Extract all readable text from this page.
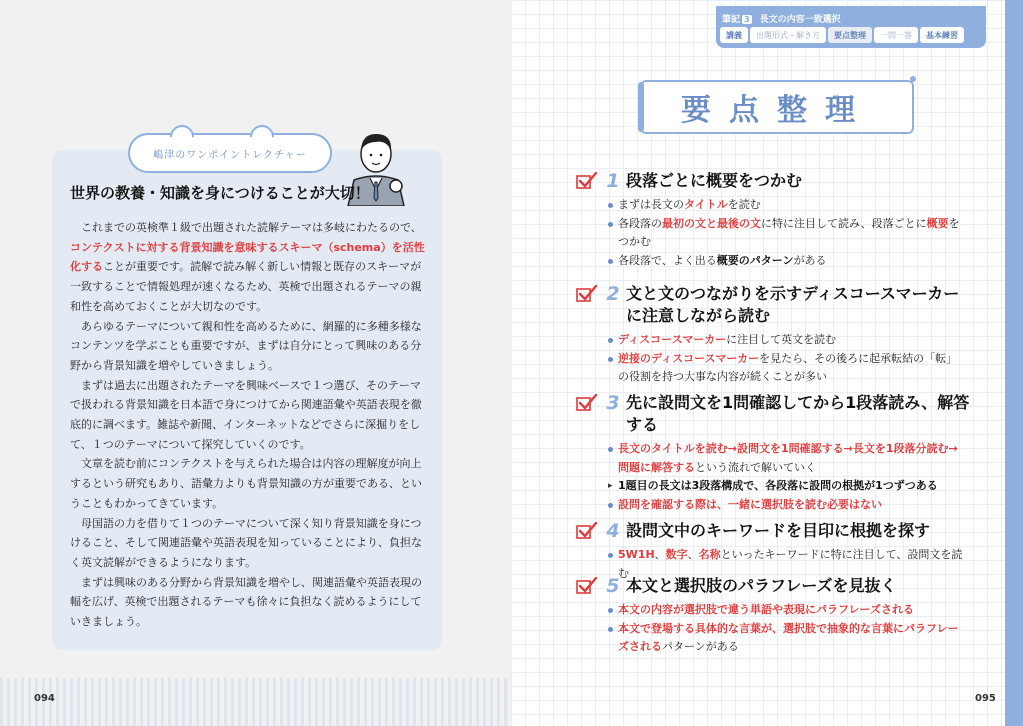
嶋津のワンポイントレクチャー
世界の教養・知識を身につけることが大切！

これまでの英検準１級で出題された読解テーマは多岐にわたるので、コンテクストに対する背景知識を意味するスキーマ（schema）を活性化することが重要です。読解で読み解く新しい情報と既存のスキーマが一致することで情報処理が速くなるため、英検で出題されるテーマの親和性を高めておくことが大切なのです。

あらゆるテーマについて親和性を高めるために、網羅的に多種多様なコンテンツを学ぶことも重要ですが、まずは自分にとって興味のある分野から背景知識を増やしていきましょう。

まずは過去に出題されたテーマを興味ベースで１つ選び、そのテーマで扱われる背景知識を日本語で身につけてから関連語彙や英語表現を徹底的に調べます。雑誌や新聞、インターネットなどでさらに深掘りをして、１つのテーマについて探究していくのです。

文章を読む前にコンテクストを与えられた場合は内容の理解度が向上するという研究もあり、語彙力よりも背景知識の方が重要である、ということもわかってきています。

母国語の力を借りて１つのテーマについて深く知り背景知識を身につけること、そして関連語彙や英語表現を知っていることにより、負担なく英文読解ができるようになります。

まずは興味のある分野から背景知識を増やし、関連語彙や英語表現の幅を広げ、英検で出題されるテーマも徐々に負担なく読めるようにしていきましょう。

094
筆記 3 長文の内容一致選択
講義	出題形式・解き方	要点整理	一問一答	基本練習
要点整理
1 段落ごとに概要をつかむ
まずは長文のタイトルを読む
各段落の最初の文と最後の文に特に注目して読み、段落ごとに概要をつかむ
各段落で、よく出る概要のパターンがある
2 文と文のつながりを示すディスコースマーカーに注意しながら読む
ディスコースマーカーに注目して英文を読む
逆接のディスコースマーカーを見たら、その後ろに起承転結の「転」の役割を持つ大事な内容が続くことが多い
3 先に設問文を1問確認してから1段落読み、解答する
長文のタイトルを読む→設問文を1問確認する→長文を1段落分読む→問題に解答するという流れで解いていく
▸ 1題目の長文は3段落構成で、各段落に設問の根拠が1つずつある
設問を確認する際は、一緒に選択肢を読む必要はない
4 設問文中のキーワードを目印に根拠を探す
5W1H、数字、名称といったキーワードに特に注目して、設問文を読む
5 本文と選択肢のパラフレーズを見抜く
本文の内容が選択肢で違う単語や表現にパラフレーズされる
本文で登場する具体的な言葉が、選択肢で抽象的な言葉にパラフレーズされるパターンがある
095
